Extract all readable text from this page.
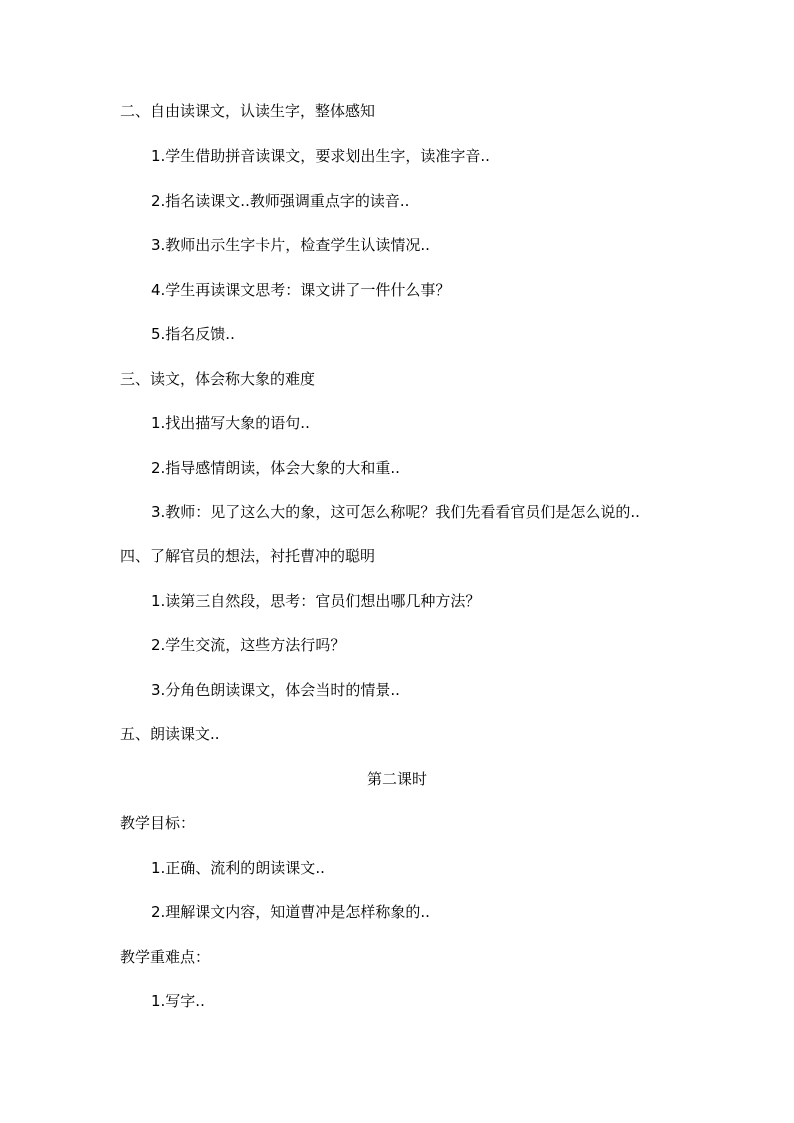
二、自由读课文，认读生字，整体感知
1.学生借助拼音读课文，要求划出生字，读准字音..
2.指名读课文..教师强调重点字的读音..
3.教师出示生字卡片，检查学生认读情况..
4.学生再读课文思考：课文讲了一件什么事？
5.指名反馈..
三、读文，体会称大象的难度
1.找出描写大象的语句..
2.指导感情朗读，体会大象的大和重..
3.教师：见了这么大的象，这可怎么称呢？我们先看看官员们是怎么说的..
四、了解官员的想法，衬托曹冲的聪明
1.读第三自然段，思考：官员们想出哪几种方法？
2.学生交流，这些方法行吗？
3.分角色朗读课文，体会当时的情景..
五、朗读课文..
第二课时
教学目标：
1.正确、流利的朗读课文..
2.理解课文内容，知道曹冲是怎样称象的..
教学重难点：
1.写字..
